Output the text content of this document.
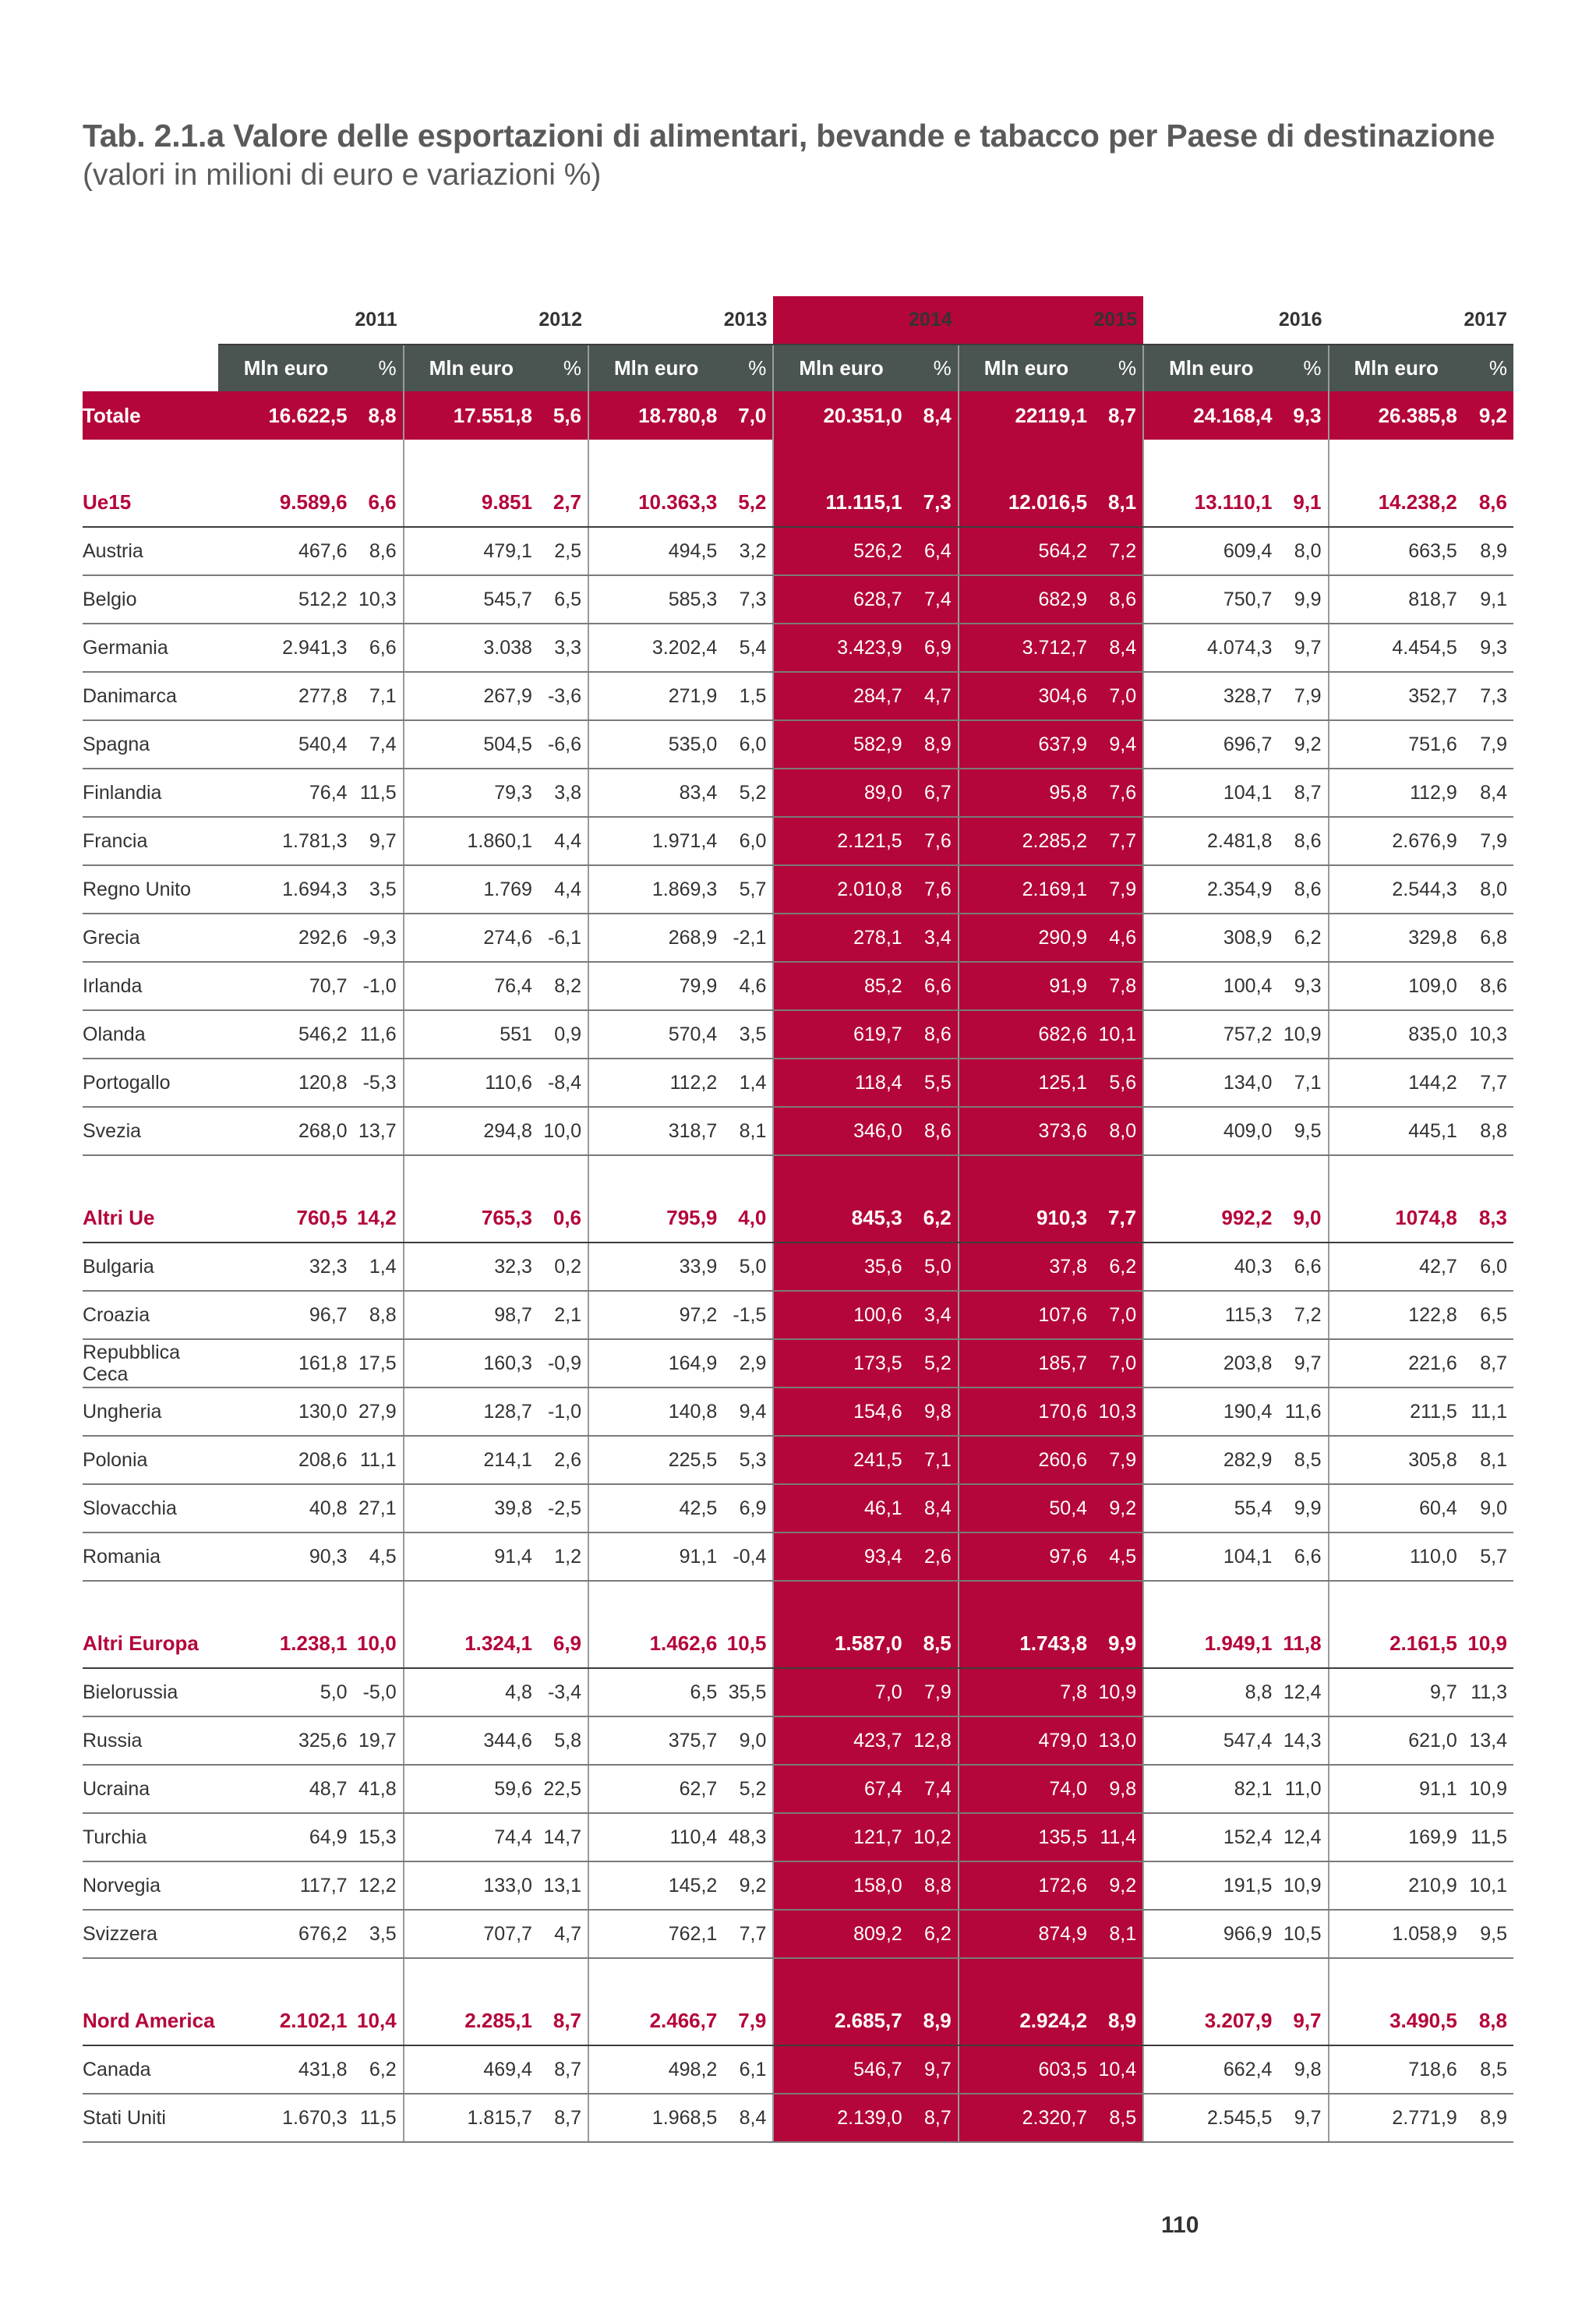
Tab. 2.1.a Valore delle esportazioni di alimentari, bevande e tabacco per Paese di destinazione
(valori in milioni di euro e variazioni %)
	2011		2012		2013		2014		2015		2016		2017	
	Mln euro	%	Mln euro	%	Mln euro	%	Mln euro	%	Mln euro	%	Mln euro	%	Mln euro	%
Totale	16.622,5	8,8	17.551,8	5,6	18.780,8	7,0	20.351,0	8,4	22119,1	8,7	24.168,4	9,3	26.385,8	9,2

Ue15	9.589,6	6,6	9.851	2,7	10.363,3	5,2	11.115,1	7,3	12.016,5	8,1	13.110,1	9,1	14.238,2	8,6
Austria	467,6	8,6	479,1	2,5	494,5	3,2	526,2	6,4	564,2	7,2	609,4	8,0	663,5	8,9
Belgio	512,2	10,3	545,7	6,5	585,3	7,3	628,7	7,4	682,9	8,6	750,7	9,9	818,7	9,1
Germania	2.941,3	6,6	3.038	3,3	3.202,4	5,4	3.423,9	6,9	3.712,7	8,4	4.074,3	9,7	4.454,5	9,3
Danimarca	277,8	7,1	267,9	-3,6	271,9	1,5	284,7	4,7	304,6	7,0	328,7	7,9	352,7	7,3
Spagna	540,4	7,4	504,5	-6,6	535,0	6,0	582,9	8,9	637,9	9,4	696,7	9,2	751,6	7,9
Finlandia	76,4	11,5	79,3	3,8	83,4	5,2	89,0	6,7	95,8	7,6	104,1	8,7	112,9	8,4
Francia	1.781,3	9,7	1.860,1	4,4	1.971,4	6,0	2.121,5	7,6	2.285,2	7,7	2.481,8	8,6	2.676,9	7,9
Regno Unito	1.694,3	3,5	1.769	4,4	1.869,3	5,7	2.010,8	7,6	2.169,1	7,9	2.354,9	8,6	2.544,3	8,0
Grecia	292,6	-9,3	274,6	-6,1	268,9	-2,1	278,1	3,4	290,9	4,6	308,9	6,2	329,8	6,8
Irlanda	70,7	-1,0	76,4	8,2	79,9	4,6	85,2	6,6	91,9	7,8	100,4	9,3	109,0	8,6
Olanda	546,2	11,6	551	0,9	570,4	3,5	619,7	8,6	682,6	10,1	757,2	10,9	835,0	10,3
Portogallo	120,8	-5,3	110,6	-8,4	112,2	1,4	118,4	5,5	125,1	5,6	134,0	7,1	144,2	7,7
Svezia	268,0	13,7	294,8	10,0	318,7	8,1	346,0	8,6	373,6	8,0	409,0	9,5	445,1	8,8

Altri Ue	760,5	14,2	765,3	0,6	795,9	4,0	845,3	6,2	910,3	7,7	992,2	9,0	1074,8	8,3
Bulgaria	32,3	1,4	32,3	0,2	33,9	5,0	35,6	5,0	37,8	6,2	40,3	6,6	42,7	6,0
Croazia	96,7	8,8	98,7	2,1	97,2	-1,5	100,6	3,4	107,6	7,0	115,3	7,2	122,8	6,5
Repubblica Ceca	161,8	17,5	160,3	-0,9	164,9	2,9	173,5	5,2	185,7	7,0	203,8	9,7	221,6	8,7
Ungheria	130,0	27,9	128,7	-1,0	140,8	9,4	154,6	9,8	170,6	10,3	190,4	11,6	211,5	11,1
Polonia	208,6	11,1	214,1	2,6	225,5	5,3	241,5	7,1	260,6	7,9	282,9	8,5	305,8	8,1
Slovacchia	40,8	27,1	39,8	-2,5	42,5	6,9	46,1	8,4	50,4	9,2	55,4	9,9	60,4	9,0
Romania	90,3	4,5	91,4	1,2	91,1	-0,4	93,4	2,6	97,6	4,5	104,1	6,6	110,0	5,7

Altri Europa	1.238,1	10,0	1.324,1	6,9	1.462,6	10,5	1.587,0	8,5	1.743,8	9,9	1.949,1	11,8	2.161,5	10,9
Bielorussia	5,0	-5,0	4,8	-3,4	6,5	35,5	7,0	7,9	7,8	10,9	8,8	12,4	9,7	11,3
Russia	325,6	19,7	344,6	5,8	375,7	9,0	423,7	12,8	479,0	13,0	547,4	14,3	621,0	13,4
Ucraina	48,7	41,8	59,6	22,5	62,7	5,2	67,4	7,4	74,0	9,8	82,1	11,0	91,1	10,9
Turchia	64,9	15,3	74,4	14,7	110,4	48,3	121,7	10,2	135,5	11,4	152,4	12,4	169,9	11,5
Norvegia	117,7	12,2	133,0	13,1	145,2	9,2	158,0	8,8	172,6	9,2	191,5	10,9	210,9	10,1
Svizzera	676,2	3,5	707,7	4,7	762,1	7,7	809,2	6,2	874,9	8,1	966,9	10,5	1.058,9	9,5

Nord America	2.102,1	10,4	2.285,1	8,7	2.466,7	7,9	2.685,7	8,9	2.924,2	8,9	3.207,9	9,7	3.490,5	8,8
Canada	431,8	6,2	469,4	8,7	498,2	6,1	546,7	9,7	603,5	10,4	662,4	9,8	718,6	8,5
Stati Uniti	1.670,3	11,5	1.815,7	8,7	1.968,5	8,4	2.139,0	8,7	2.320,7	8,5	2.545,5	9,7	2.771,9	8,9
110
